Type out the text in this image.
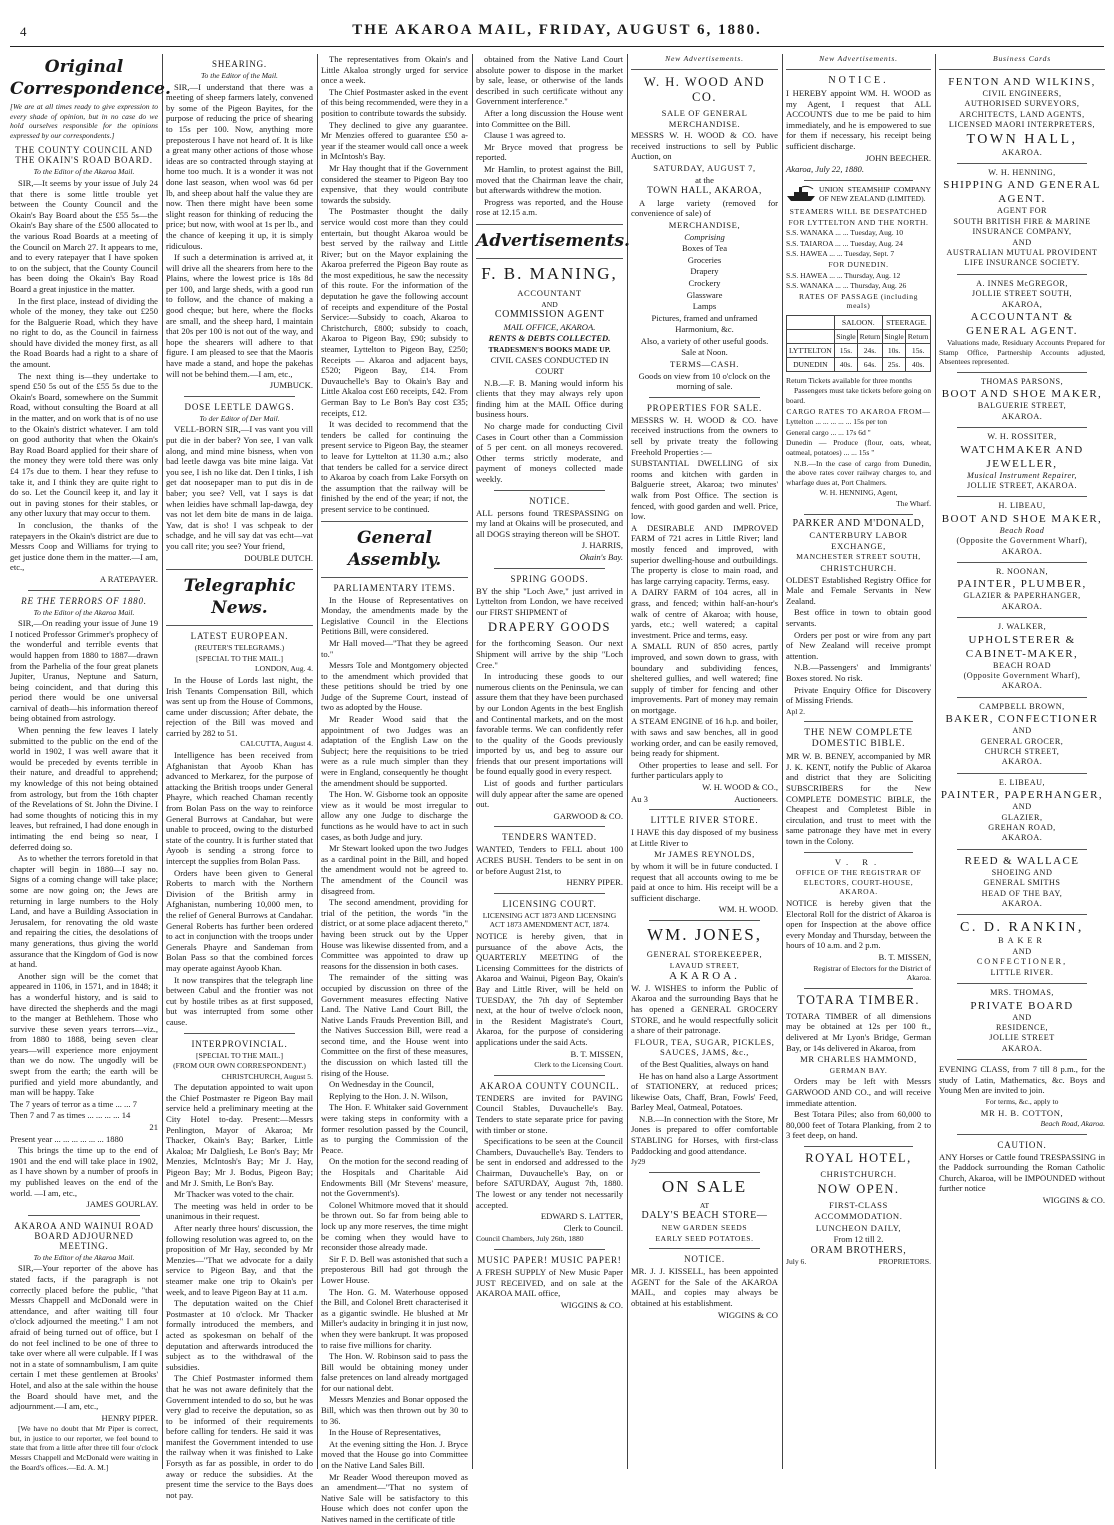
4	THE AKAROA MAIL, FRIDAY, AUGUST 6, 1880.
Original Correspondence.
[We are at all times ready to give expression to every shade of opinion, but in no case do we hold ourselves responsible for the opinions expressed by our correspondents.]
THE COUNTY COUNCIL AND THE OKAIN'S ROAD BOARD.
To the Editor of the Akaroa Mail.
SIR,—It seems by your issue of July 24 that there is some little trouble yet between the County Council and the Okain's Bay Board about the £55 5s—the Okain's Bay share of the £500 allocated to the various Road Boards at a meeting of the Council on March 27. It appears to me, and to every ratepayer that I have spoken to on the subject, that the County Council has been doing the Okain's Bay Road Board a great injustice in the matter.
In the first place, instead of dividing the whole of the money, they take out £250 for the Balguerie Road, which they have no right to do, as the Council in fairness should have divided the money first, as all the Road Boards had a right to a share of the amount.
The next thing is—they undertake to spend £50 5s out of the £55 5s due to the Okain's Board, somewhere on the Summit Road, without consulting the Board at all in the matter, and on work that is of no use to the Okain's district whatever. I am told on good authority that when the Okain's Bay Road Board applied for their share of the money they were told there was only £4 17s due to them. I hear they refuse to take it, and I think they are quite right to do so. Let the Council keep it, and lay it out in paving stones for their stables, or any other luxury that may occur to them.
In conclusion, the thanks of the ratepayers in the Okain's district are due to Messrs Coop and Williams for trying to get justice done them in the matter.—I am, etc.,
A RATEPAYER.
RE THE TERRORS OF 1880.
To the Editor of the Akaroa Mail.
SIR,—On reading your issue of June 19 I noticed Professor Grimmer's prophecy of the wonderful and terrible events that would happen from 1880 to 1887—drawn from the Parhelia of the four great planets Jupiter, Uranus, Neptune and Saturn, being coincident, and that during this period there would be one universal carnival of death—his information thereof being obtained from astrology.
When penning the few leaves I lately submitted to the public on the end of the world in 1902, I was well aware that it would be preceded by events terrible in their nature, and dreadful to apprehend; my knowledge of this not being obtained from astrology, but from the 16th chapter of the Revelations of St. John the Divine. I had some thoughts of noticing this in my leaves, but refrained, I had done enough in intimating the end being so near, I deferred doing so.
As to whether the terrors foretold in that chapter will begin in 1880—I say no. Signs of a coming change will take place; some are now going on; the Jews are returning in large numbers to the Holy Land, and have a Building Association in Jerusalem, for renovating the old waste and repairing the cities, the desolations of many generations, thus giving the world assurance that the Kingdom of God is now at hand.
Another sign will be the comet that appeared in 1106, in 1571, and in 1848; it has a wonderful history, and is said to have directed the shepherds and the magi to the manger at Bethlehem. Those who survive these seven years terrors—viz., from 1880 to 1888, being seven clear years—will experience more enjoyment than we do now. The ungodly will be swept from the earth; the earth will be purified and yield more abundantly, and man will be happy. Take
The 7 years of terror as a time ... ... 7
Then 7 and 7 as times ... ... ... ... 14
21
Present year ... ... ... ... ... ... 1880
This brings the time up to the end of 1901 and the end will take place in 1902, as I have shown by a number of proofs in my published leaves on the end of the world. —I am, etc.,
JAMES GOURLAY.
AKAROA AND WAINUI ROAD BOARD ADJOURNED MEETING.
To the Editor of the Akaroa Mail.
SIR,—Your reporter of the above has stated facts, if the paragraph is not correctly placed before the public, "that Messrs Chappell and McDonald were in attendance, and after waiting till four o'clock adjourned the meeting." I am not afraid of being turned out of office, but I do not feel inclined to be one of three to take over where all were culpable. If I was not in a state of somnambulism, I am quite certain I met these gentlemen at Brooks' Hotel, and also at the sale within the house the Board should have met, and the adjournment.—I am, etc.,
HENRY PIPER.
[We have no doubt that Mr Piper is correct, but, in justice to our reporter, we feel bound to state that from a little after three till four o'clock Messrs Chappell and McDonald were waiting in the Board's offices.—Ed. A. M.]
SHEARING.
To the Editor of the Mail.
SIR,—I understand that there was a meeting of sheep farmers lately, convened by some of the Pigeon Bayites, for the purpose of reducing the price of shearing to 15s per 100. Now, anything more preposterous I have not heard of. It is like a great many other actions of those whose ideas are so contracted through staying at home too much. It is a wonder it was not done last season, when wool was 6d per lb, and sheep about half the value they are now. Then there might have been some slight reason for thinking of reducing the price; but now, with wool at 1s per lb., and the chance of keeping it up, it is simply ridiculous.
If such a determination is arrived at, it will drive all the shearers from here to the Plains, where the lowest price is 18s 8d per 100, and large sheds, with a good run to follow, and the chance of making a good cheque; but here, where the flocks are small, and the sheep hard, I maintain that 20s per 100 is not out of the way, and hope the shearers will adhere to that figure. I am pleased to see that the Maoris have made a stand, and hope the pakehas will not be behind them.—I am, etc.,
JUMBUCK.
DOSE LEETLE DAWGS.
To der Editor of Der Mail.
VELL-BORN SIR,—I vas vant you vill put die in der baber? Yon see, I van valk along, and mind mine bisness, when von bad leetle dawga vas bite mine laiga. Vat you see, I ish no like dat. Den I tinks, I ish get dat noosepaper man to put dis in de baber; you see? Vell, vat I says is dat when leidies have schmall lap-dawga, dey vas not let dem bite de mans in de laiga. Yaw, dat is sho! I vas schpeak to der schadge, and he vill say dat vas echt—vat you call rite; you see? Your friend,
DOUBLE DUTCH.
Telegraphic News.
LATEST EUROPEAN.
(REUTER'S TELEGRAMS.)
[SPECIAL TO THE MAIL.]
LONDON, Aug. 4.
In the House of Lords last night, the Irish Tenants Compensation Bill, which was sent up from the House of Commons, came under discussion; After debate, the rejection of the Bill was moved and carried by 282 to 51.
CALCUTTA, August 4.
Intelligence has been received from Afghanistan that Ayoob Khan has advanced to Merkarez, for the purpose of attacking the British troops under General Phayre, which reached Chaman recently from Bolan Pass on the way to reinforce General Burrows at Candahar, but were unable to proceed, owing to the disturbed state of the country. It is further stated that Ayoob is sending a strong force to intercept the supplies from Bolan Pass.
Orders have been given to General Roberts to march with the Northern Division of the British army in Afghanistan, numbering 10,000 men, to the relief of General Burrows at Candahar. General Roberts has further been ordered to act in conjunction with the troops under Generals Phayre and Sandeman from Bolan Pass so that the combined forces may operate against Ayoob Khan.
It now transpires that the telegraph line between Cabul and the frontier was not cut by hostile tribes as at first supposed, but was interrupted from some other cause.
INTERPROVINCIAL.
[SPECIAL TO THE MAIL.]
(FROM OUR OWN CORRESPONDENT.)
CHRISTCHURCH, August 5.
The deputation appointed to wait upon the Chief Postmaster re Pigeon Bay mail service held a preliminary meeting at the City Hotel to-day. Present:—Messrs Penlington, Mayor of Akaroa; Mr Thacker, Okain's Bay; Barker, Little Akaloa; Mr Dalgliesh, Le Bon's Bay; Mr Menzies, McIntosh's Bay; Mr J. Hay, Pigeon Bay; Mr J. Bodus, Pigeon Bay; and Mr J. Smith, Le Bon's Bay.
Mr Thacker was voted to the chair.
The meeting was held in order to be unanimous in their request.
After nearly three hours' discussion, the following resolution was agreed to, on the proposition of Mr Hay, seconded by Mr Menzies—"That we advocate for a daily service to Pigeon Bay, and that the steamer make one trip to Okain's per week, and to leave Pigeon Bay at 11 a.m.
The deputation waited on the Chief Postmaster at 10 o'clock. Mr Thacker formally introduced the members, and acted as spokesman on behalf of the deputation and afterwards introduced the subject as to the withdrawal of the subsidies.
The Chief Postmaster informed them that he was not aware definitely that the Government intended to do so, but he was very glad to receive the deputation, so as to be informed of their requirements before calling for tenders. He said it was manifest the Government intended to use the railway when it was finished to Lake Forsyth as far as possible, in order to do away or reduce the subsidies. At the present time the service to the Bays does not pay.
The representatives from Okain's and Little Akaloa strongly urged for service once a week.
The Chief Postmaster asked in the event of this being recommended, were they in a position to contribute towards the subsidy.
They declined to give any guarantee. Mr Menzies offered to guarantee £50 a-year if the steamer would call once a week in McIntosh's Bay.
Mr Hay thought that if the Government considered the steamer to Pigeon Bay too expensive, that they would contribute towards the subsidy.
The Postmaster thought the daily service would cost more than they could entertain, but thought Akaroa would be best served by the railway and Little River; but on the Mayor explaining the Akaroa preferred the Pigeon Bay route as the most expeditious, he saw the necessity of this route. For the information of the deputation he gave the following account of receipts and expenditure of the Postal Service:—Subsidy to coach, Akaroa to Christchurch, £800; subsidy to coach, Akaroa to Pigeon Bay, £90; subsidy to steamer, Lyttelton to Pigeon Bay, £250; Receipts — Akaroa and adjacent bays, £520; Pigeon Bay, £14. From Duvauchelle's Bay to Okain's Bay and Little Akaloa cost £60 receipts, £42. From German Bay to Le Bon's Bay cost £35; receipts, £12.
It was decided to recommend that the tenders be called for continuing the present service to Pigeon Bay, the steamer to leave for Lyttelton at 11.30 a.m.; also that tenders be called for a service direct to Akaroa by coach from Lake Forsyth on the assumption that the railway will be finished by the end of the year; if not, the present service to be continued.
General Assembly.
PARLIAMENTARY ITEMS.
In the House of Representatives on Monday, the amendments made by the Legislative Council in the Elections Petitions Bill, were considered.
Mr Hall moved—"That they be agreed to."
Messrs Tole and Montgomery objected to the amendment which provided that these petitions should be tried by one Judge of the Supreme Court, instead of two as adopted by the House.
Mr Reader Wood said that the appointment of two Judges was an adaptation of the English Law on the Subject; here the requisitions to be tried were as a rule much simpler than they were in England, consequently he thought the amendment should be supported.
The Hon. W. Gisborne took an opposite view as it would be most irregular to allow any one Judge to discharge the functions as he would have to act in such cases, as both Judge and jury.
Mr Stewart looked upon the two Judges as a cardinal point in the Bill, and hoped the amendment would not be agreed to. The amendment of the Council was disagreed from.
The second amendment, providing for trial of the petition, the words "in the district, or at some place adjacent thereto," having been struck out by the Upper House was likewise dissented from, and a Committee was appointed to draw up reasons for the dissension in both cases.
The remainder of the sitting was occupied by discussion on three of the Government measures effecting Native Land. The Native Land Court Bill, the Native Lands Frauds Prevention Bill, and the Natives Succession Bill, were read a second time, and the House went into Committee on the first of these measures, the discussion on which lasted till the rising of the House.
On Wednesday in the Council,
Replying to the Hon. J. N. Wilson,
The Hon. F. Whitaker said Government were taking steps in conformity with a former resolution passed by the Council, as to purging the Commission of the Peace.
On the motion for the second reading of the Hospitals and Charitable Aid Endowments Bill (Mr Stevens' measure, not the Government's).
Colonel Whitmore moved that it should be thrown out. So far from being able to lock up any more reserves, the time might be coming when they would have to reconsider those already made.
Sir F. D. Bell was astonished that such a preposterous Bill had got through the Lower House.
The Hon. G. M. Waterhouse opposed the Bill, and Colonel Brett characterised it as a gigantic swindle. He blushed at Mr Miller's audacity in bringing it in just now, when they were bankrupt. It was proposed to raise five millions for charity.
The Hon. W. Robinson said to pass the Bill would be obtaining money under false pretences on land already mortgaged for our national debt.
Messrs Menzies and Bonar opposed the Bill, which was then thrown out by 30 to to 36.
In the House of Representatives,
At the evening sitting the Hon. J. Bryce moved that the House go into Committee on the Native Land Sales Bill.
Mr Reader Wood thereupon moved as an amendment—"That no system of Native Sale will be satisfactory to this House which does not confer upon the Natives named in the certificate of title
obtained from the Native Land Court absolute power to dispose in the market by sale, lease, or otherwise of the lands described in such certificate without any Government interference."
After a long discussion the House went into Committee on the Bill.
Clause 1 was agreed to.
Mr Bryce moved that progress be reported.
Mr Hamlin, to protest against the Bill, moved that the Chairman leave the chair, but afterwards withdrew the motion.
Progress was reported, and the House rose at 12.15 a.m.
Advertisements.
F. B. MANING,
ACCOUNTANT
AND
COMMISSION AGENT
MAIL OFFICE, AKAROA.
RENTS & DEBTS COLLECTED.
TRADESMEN'S BOOKS MADE UP.
CIVIL CASES CONDUCTED IN COURT
N.B.—F. B. Maning would inform his clients that they may always rely upon finding him at the MAIL Office during business hours.
No charge made for conducting Civil Cases in Court other than a Commission of 5 per cent. on all moneys recovered. Other terms strictly moderate, and payment of moneys collected made weekly.
NOTICE.
ALL persons found TRESPASSING on my land at Okains will be prosecuted, and all DOGS straying thereon will be SHOT.
J. HARRIS,
Okain's Bay.
SPRING GOODS.
BY the ship "Loch Awe," just arrived in Lyttelton from London, we have received our FIRST SHIPMENT of
DRAPERY GOODS
for the forthcoming Season. Our next Shipment will arrive by the ship "Loch Cree."
In introducing these goods to our numerous clients on the Peninsula, we can assure them that they have been purchased by our London Agents in the best English and Continental markets, and on the most favorable terms. We can confidently refer to the quality of the Goods previously imported by us, and beg to assure our friends that our present importations will be found equally good in every respect.
List of goods and further particulars will duly appear after the same are opened out.
GARWOOD & CO.
TENDERS WANTED.
WANTED, Tenders to FELL about 100 ACRES BUSH. Tenders to be sent in on or before August 21st, to
HENRY PIPER.
LICENSING COURT.
LICENSING ACT 1873 AND LICENSING ACT 1873 AMENDMENT ACT, 1874.
NOTICE is hereby given, that in pursuance of the above Acts, the QUARTERLY MEETING of the Licensing Committees for the districts of Akaroa and Wainui, Pigeon Bay, Okain's Bay and Little River, will be held on TUESDAY, the 7th day of September next, at the hour of twelve o'clock noon, in the Resident Magistrate's Court, Akaroa, for the purpose of considering applications under the said Acts.
B. T. MISSEN,
Clerk to the Licensing Court.
AKAROA COUNTY COUNCIL.
TENDERS are invited for PAVING Council Stables, Duvauchelle's Bay. Tenders to state separate price for paving with timber or stone.
Specifications to be seen at the Council Chambers, Duvauchelle's Bay. Tenders to be sent in endorsed and addressed to the Chairman, Duvauchelle's Bay, on or before SATURDAY, August 7th, 1880. The lowest or any tender not necessarily accepted.
EDWARD S. LATTER,
Clerk to Council.
Council Chambers, July 26th, 1880
MUSIC PAPER! MUSIC PAPER!
A FRESH SUPPLY of New Music Paper JUST RECEIVED, and on sale at the AKAROA MAIL office,
WIGGINS & CO.
New Advertisements.
W. H. WOOD AND CO.
SALE OF GENERAL MERCHANDISE.
MESSRS W. H. WOOD & CO. have received instructions to sell by Public Auction, on
SATURDAY, AUGUST 7,
at the
TOWN HALL, AKAROA,
A large variety (removed for convenience of sale) of
MERCHANDISE,
Comprising
Boxes of Tea
Groceries
Drapery
Crockery
Glassware
Lamps
Pictures, framed and unframed
Harmonium, &c.
Also, a variety of other useful goods.
Sale at Noon.
TERMS—CASH.
Goods on view from 10 o'clock on the morning of sale.
PROPERTIES FOR SALE.
MESSRS W. H. WOOD & CO. have received instructions from the owners to sell by private treaty the following Freehold Properties :—
SUBSTANTIAL DWELLING of six rooms and kitchen with garden in Balguerie street, Akaroa; two minutes' walk from Post Office. The section is fenced, with good garden and well. Price, low.
A DESIRABLE AND IMPROVED FARM of 721 acres in Little River; land mostly fenced and improved, with superior dwelling-house and outbuildings. The property is close to main road, and has large carrying capacity. Terms, easy.
A DAIRY FARM of 104 acres, all in grass, and fenced; within half-an-hour's walk of centre of Akaroa; with house, yards, etc.; well watered; a capital investment. Price and terms, easy.
A SMALL RUN of 850 acres, partly improved, and sown down to grass, with boundary and subdividing fences, sheltered gullies, and well watered; fine supply of timber for fencing and other improvements. Part of money may remain on mortgage.
A STEAM ENGINE of 16 h.p. and boiler, with saws and saw benches, all in good working order, and can be easily removed, being ready for shipment.
Other properties to lease and sell. For further particulars apply to
W. H. WOOD & CO.,
Au 3	Auctioneers.
LITTLE RIVER STORE.
I HAVE this day disposed of my business at Little River to
Mr JAMES REYNOLDS,
by whom it will be in future conducted. I request that all accounts owing to me be paid at once to him. His receipt will be a sufficient discharge.
WM. H. WOOD.
WM. JONES,
GENERAL STOREKEEPER,
LAVAUD STREET,
AKAROA.
W. J. WISHES to inform the Public of Akaroa and the surrounding Bays that he has opened a GENERAL GROCERY STORE, and he would respectfully solicit a share of their patronage.
FLOUR, TEA, SUGAR, PICKLES, SAUCES, JAMS, &c.,
of the Best Qualities, always on hand
He has on hand also a Large Assortment of STATIONERY, at reduced prices; likewise Oats, Chaff, Bran, Fowls' Feed, Barley Meal, Oatmeal, Potatoes.
N.B.—In connection with the Store, Mr Jones is prepared to offer comfortable STABLING for Horses, with first-class Paddocking and good attendance.
Jy29
ON SALE
AT
DALY'S BEACH STORE—
NEW GARDEN SEEDS
EARLY SEED POTATOES.
NOTICE.
MR. J. J. KISSELL, has been appointed AGENT for the Sale of the AKAROA MAIL, and copies may always be obtained at his establishment.
WIGGINS & CO
New Advertisements.
NOTICE.
I HEREBY appoint WM. H. WOOD as my Agent, I request that ALL ACCOUNTS due to me be paid to him immediately, and he is empowered to sue for them if necessary, his receipt being sufficient discharge.
JOHN BEECHER.
Akaroa, July 22, 1880.
UNION STEAMSHIP COMPANY OF NEW ZEALAND (LIMITED).
STEAMERS WILL BE DESPATCHED
FOR LYTTELTON AND THE NORTH.
S.S. WANAKA ... ... Tuesday, Aug. 10
S.S. TAIAROA ... ... Tuesday, Aug. 24
S.S. HAWEA ... ... Tuesday, Sept. 7
FOR DUNEDIN.
S.S. HAWEA ... ... Thursday, Aug. 12
S.S. WANAKA ... ... Thursday, Aug. 26
RATES OF PASSAGE (including meals)
	SALOON.		STEERAGE.	
	Single	Return	Single	Return
LYTTELTON	15s.	24s.	10s.	15s.
DUNEDIN	40s.	64s.	25s.	40s.
Return Tickets available for three months
Passengers must take tickets before going on board.
CARGO RATES TO AKAROA FROM—
Lyttelton ... ... ... ... ... 15s per ton
General cargo ... ... 17s 6d "
Dunedin — Produce (flour, oats, wheat, oatmeal, potatoes) ... ... 15s "
N.B.—In the case of cargo from Dunedin, the above rates cover railway charges to, and wharfage dues at, Port Chalmers.
W. H. HENNING, Agent,
The Wharf.
PARKER AND M'DONALD,
CANTERBURY LABOR EXCHANGE,
MANCHESTER STREET SOUTH,
CHRISTCHURCH.
OLDEST Established Registry Office for Male and Female Servants in New Zealand.
Best office in town to obtain good servants.
Orders per post or wire from any part of New Zealand will receive prompt attention.
N.B.—Passengers' and Immigrants' Boxes stored. No risk.
Private Enquiry Office for Discovery of Missing Friends.
Apl 2.
THE NEW COMPLETE DOMESTIC BIBLE.
MR W. B. BENEY, accompanied by MR J. K. KENT, notify the Public of Akaroa and district that they are Soliciting SUBSCRIBERS for the New COMPLETE DOMESTIC BIBLE, the Cheapest and Completest Bible in circulation, and trust to meet with the same patronage they have met in every town in the Colony.
V. R.
OFFICE OF THE REGISTRAR OF ELECTORS, COURT-HOUSE, AKAROA.
NOTICE is hereby given that the Electoral Roll for the district of Akaroa is open for Inspection at the above office every Monday and Thursday, between the hours of 10 a.m. and 2 p.m.
B. T. MISSEN,
Registrar of Electors for the District of Akaroa.
TOTARA TIMBER.
TOTARA TIMBER of all dimensions may be obtained at 12s per 100 ft., delivered at Mr Lyon's Bridge, German Bay, or 14s delivered in Akaroa, from
MR CHARLES HAMMOND,
GERMAN BAY.
Orders may be left with Messrs GARWOOD AND CO., and will receive immediate attention.
Best Totara Piles; also from 60,000 to 80,000 feet of Totara Planking, from 2 to 3 feet deep, on hand.
ROYAL HOTEL,
CHRISTCHURCH.
NOW OPEN.
FIRST-CLASS ACCOMMODATION.
LUNCHEON DAILY,
From 12 till 2.
ORAM BROTHERS,
July 6.	PROPRIETORS.
Business Cards
FENTON AND WILKINS,
CIVIL ENGINEERS,
AUTHORISED SURVEYORS,
ARCHITECTS, LAND AGENTS,
LICENSED MAORI INTERPRETERS,
TOWN HALL,
AKAROA.
W. H. HENNING,
SHIPPING AND GENERAL AGENT.
AGENT FOR
SOUTH BRITISH FIRE & MARINE INSURANCE COMPANY,
AND
AUSTRALIAN MUTUAL PROVIDENT LIFE INSURANCE SOCIETY.
A. INNES McGREGOR,
JOLLIE STREET SOUTH,
AKAROA,
ACCOUNTANT & GENERAL AGENT.
Valuations made, Residuary Accounts Prepared for Stamp Office, Partnership Accounts adjusted, Absentees represented.
THOMAS PARSONS,
BOOT AND SHOE MAKER,
BALGUERIE STREET,
AKAROA.
W. H. ROSSITER,
WATCHMAKER AND JEWELLER,
Musical Instrument Repairer,
JOLLIE STREET, AKAROA.
H. LIBEAU,
BOOT AND SHOE MAKER,
Beach Road
(Opposite the Government Wharf),
AKAROA.
R. NOONAN,
PAINTER, PLUMBER,
GLAZIER & PAPERHANGER,
AKAROA.
J. WALKER,
UPHOLSTERER & CABINET-MAKER,
BEACH ROAD
(Opposite Government Wharf),
AKAROA.
CAMPBELL BROWN,
BAKER, CONFECTIONER
AND
GENERAL GROCER,
CHURCH STREET,
AKAROA.
E. LIBEAU,
PAINTER, PAPERHANGER,
AND
GLAZIER,
GREHAN ROAD,
AKAROA.
REED & WALLACE
SHOEING AND
GENERAL SMITHS
HEAD OF THE BAY,
AKAROA.
C. D. RANKIN,
BAKER
AND
CONFECTIONER,
LITTLE RIVER.
MRS. THOMAS,
PRIVATE BOARD
AND
RESIDENCE,
JOLLIE STREET
AKAROA.
EVENING CLASS, from 7 till 8 p.m., for the study of Latin, Mathematics, &c. Boys and Young Men are invited to join.
For terms, &c., apply to
MR H. B. COTTON,
Beach Road, Akaroa.
CAUTION.
ANY Horses or Cattle found TRESPASSING in the Paddock surrounding the Roman Catholic Church, Akaroa, will be IMPOUNDED without further notice
WIGGINS & CO.
